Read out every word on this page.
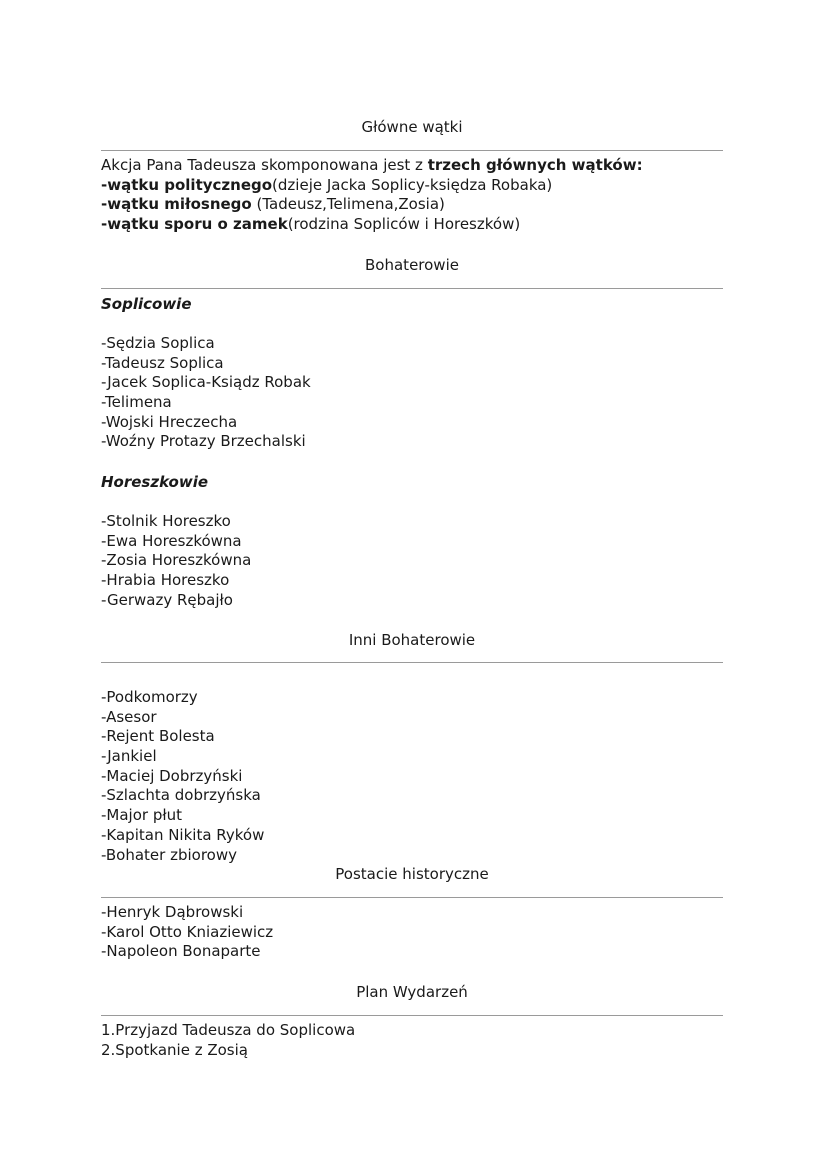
Główne wątki
Akcja Pana Tadeusza skomponowana jest z trzech głównych wątków:
-wątku politycznego(dzieje Jacka Soplicy-księdza Robaka)
-wątku miłosnego (Tadeusz,Telimena,Zosia)
-wątku sporu o zamek(rodzina Sopliców i Horeszków)
Bohaterowie
Soplicowie
-Sędzia Soplica
-Tadeusz Soplica
-Jacek Soplica-Ksiądz Robak
-Telimena
-Wojski Hreczecha
-Woźny Protazy Brzechalski
Horeszkowie
-Stolnik Horeszko
-Ewa Horeszkówna
-Zosia Horeszkówna
-Hrabia Horeszko
-Gerwazy Rębajło
Inni Bohaterowie
-Podkomorzy
-Asesor
-Rejent Bolesta
-Jankiel
-Maciej Dobrzyński
-Szlachta dobrzyńska
-Major płut
-Kapitan Nikita Ryków
-Bohater zbiorowy
Postacie historyczne
-Henryk Dąbrowski
-Karol Otto Kniaziewicz
-Napoleon Bonaparte
Plan Wydarzeń
1.Przyjazd Tadeusza do Soplicowa
2.Spotkanie z Zosią
